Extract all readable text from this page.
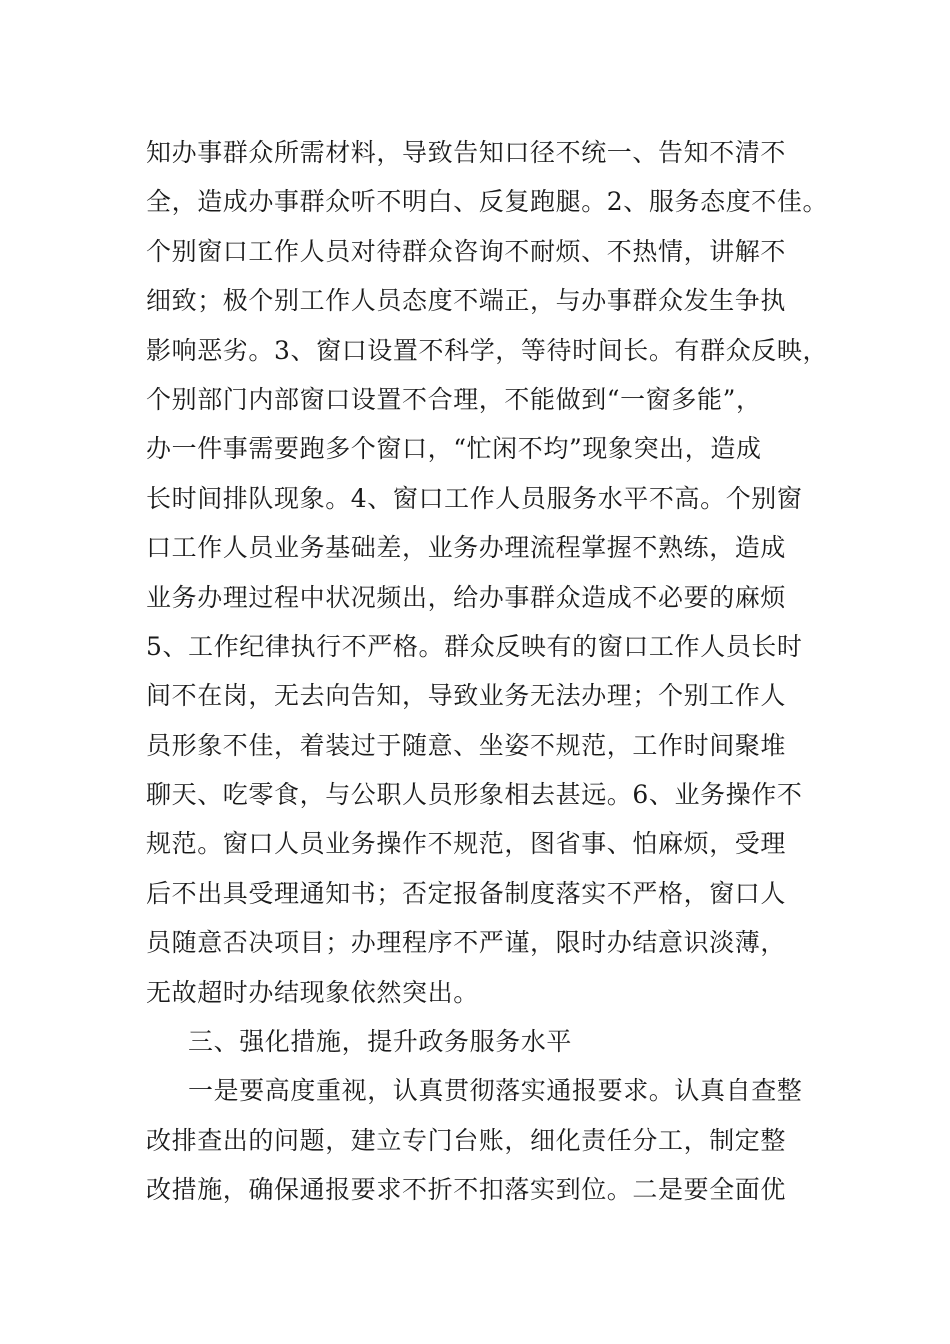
知办事群众所需材料，导致告知口径不统一、告知不清不
全，造成办事群众听不明白、反复跑腿。2、服务态度不佳。
个别窗口工作人员对待群众咨询不耐烦、不热情，讲解不
细致；极个别工作人员态度不端正，与办事群众发生争执
影响恶劣。3、窗口设置不科学，等待时间长。有群众反映，
个别部门内部窗口设置不合理，不能做到“一窗多能”，
办一件事需要跑多个窗口，“忙闲不均”现象突出，造成
长时间排队现象。4、窗口工作人员服务水平不高。个别窗
口工作人员业务基础差，业务办理流程掌握不熟练，造成
业务办理过程中状况频出，给办事群众造成不必要的麻烦
5、工作纪律执行不严格。群众反映有的窗口工作人员长时
间不在岗，无去向告知，导致业务无法办理；个别工作人
员形象不佳，着装过于随意、坐姿不规范，工作时间聚堆
聊天、吃零食，与公职人员形象相去甚远。6、业务操作不
规范。窗口人员业务操作不规范，图省事、怕麻烦，受理
后不出具受理通知书；否定报备制度落实不严格，窗口人
员随意否决项目；办理程序不严谨，限时办结意识淡薄，
无故超时办结现象依然突出。
三、强化措施，提升政务服务水平
一是要高度重视，认真贯彻落实通报要求。认真自查整
改排查出的问题，建立专门台账，细化责任分工，制定整
改措施，确保通报要求不折不扣落实到位。二是要全面优
